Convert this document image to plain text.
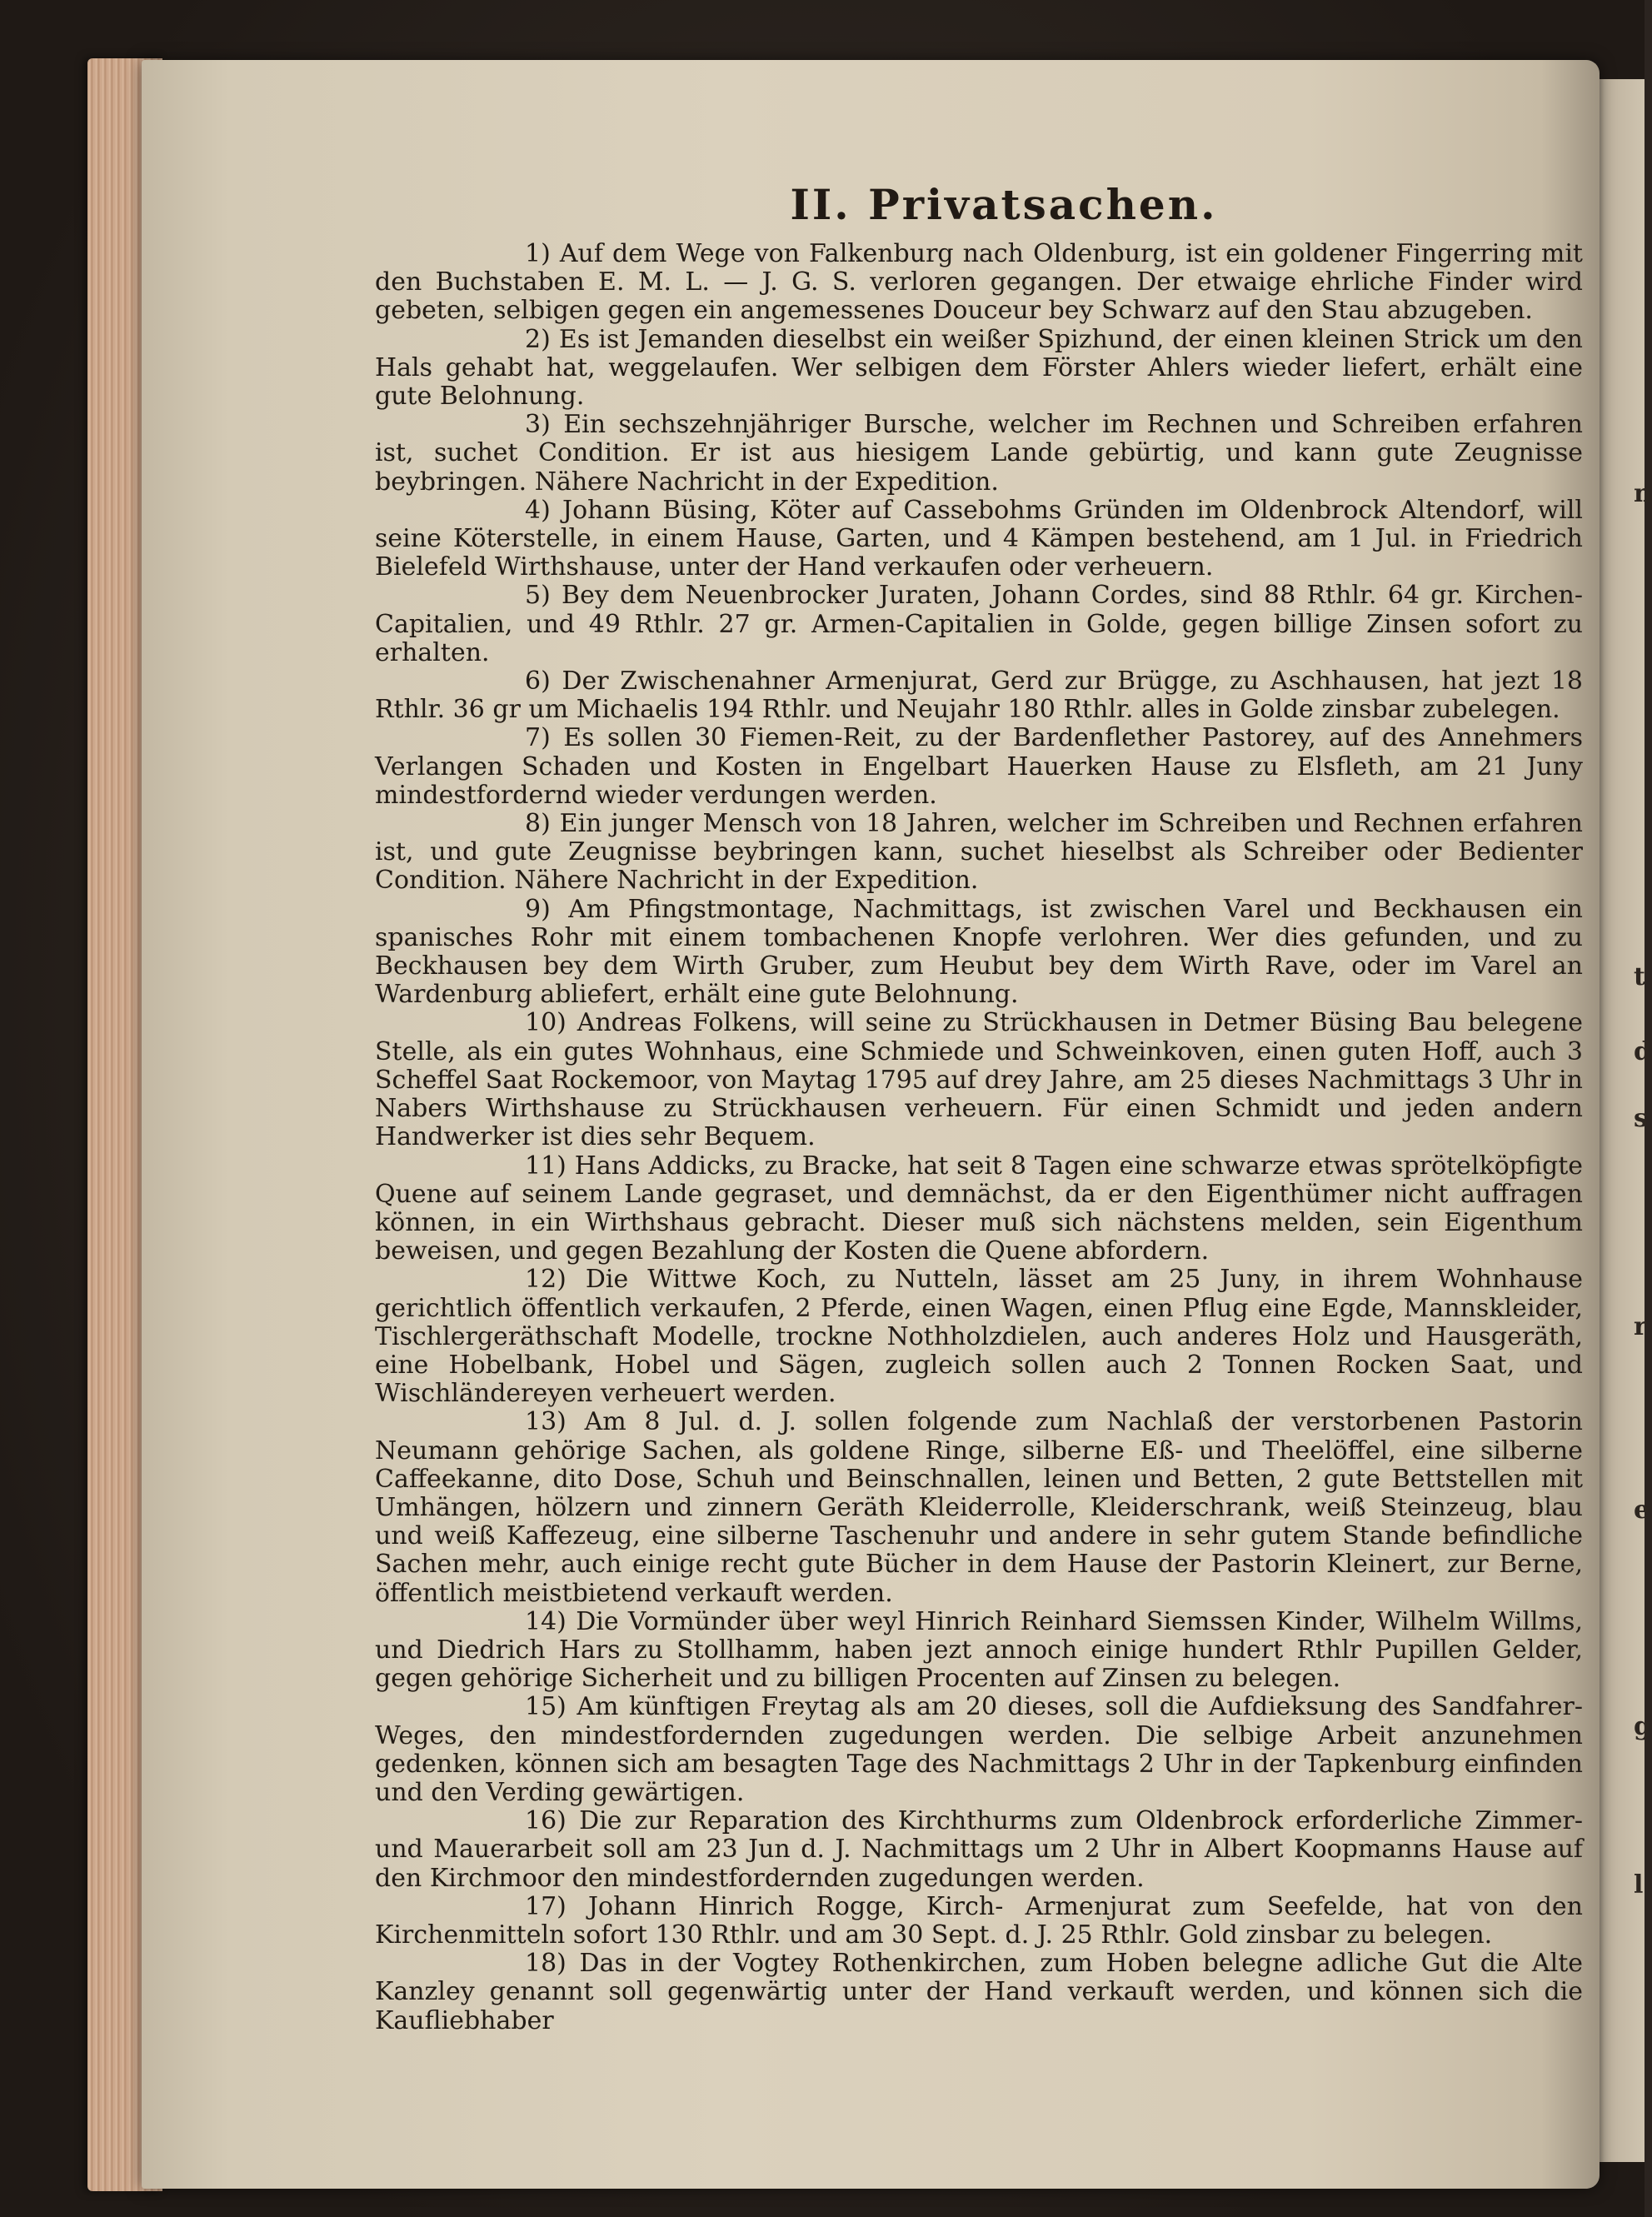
n
t
d
s
r
e
g
l
II. Privatsachen.

1) Auf dem Wege von Falkenburg nach Oldenburg, ist ein goldener Fingerring mit den Buchstaben E. M. L. — J. G. S. verloren gegangen. Der etwaige ehrliche Finder wird gebeten, selbigen gegen ein angemessenes Douceur bey Schwarz auf den Stau abzugeben.

2) Es ist Jemanden dieselbst ein weißer Spizhund, der einen kleinen Strick um den Hals gehabt hat, weggelaufen. Wer selbigen dem Förster Ahlers wieder liefert, erhält eine gute Belohnung.

3) Ein sechszehnjähriger Bursche, welcher im Rechnen und Schreiben erfahren ist, suchet Condition. Er ist aus hiesigem Lande gebürtig, und kann gute Zeugnisse beybringen. Nähere Nachricht in der Expedition.

4) Johann Büsing, Köter auf Cassebohms Gründen im Oldenbrock Altendorf, will seine Köterstelle, in einem Hause, Garten, und 4 Kämpen bestehend, am 1 Jul. in Friedrich Bielefeld Wirthshause, unter der Hand verkaufen oder verheuern.

5) Bey dem Neuenbrocker Juraten, Johann Cordes, sind 88 Rthlr. 64 gr. Kirchen-Capitalien, und 49 Rthlr. 27 gr. Armen-Capitalien in Golde, gegen billige Zinsen sofort zu erhalten.

6) Der Zwischenahner Armenjurat, Gerd zur Brügge, zu Aschhausen, hat jezt 18 Rthlr. 36 gr um Michaelis 194 Rthlr. und Neujahr 180 Rthlr. alles in Golde zinsbar zubelegen.

7) Es sollen 30 Fiemen-Reit, zu der Bardenflether Pastorey, auf des Annehmers Verlangen Schaden und Kosten in Engelbart Hauerken Hause zu Elsfleth, am 21 Juny mindestfordernd wieder verdungen werden.

8) Ein junger Mensch von 18 Jahren, welcher im Schreiben und Rechnen erfahren ist, und gute Zeugnisse beybringen kann, suchet hieselbst als Schreiber oder Bedienter Condition. Nähere Nachricht in der Expedition.

9) Am Pfingstmontage, Nachmittags, ist zwischen Varel und Beckhausen ein spanisches Rohr mit einem tombachenen Knopfe verlohren. Wer dies gefunden, und zu Beckhausen bey dem Wirth Gruber, zum Heubut bey dem Wirth Rave, oder im Varel an Wardenburg abliefert, erhält eine gute Belohnung.

10) Andreas Folkens, will seine zu Strückhausen in Detmer Büsing Bau belegene Stelle, als ein gutes Wohnhaus, eine Schmiede und Schweinkoven, einen guten Hoff, auch 3 Scheffel Saat Rockemoor, von Maytag 1795 auf drey Jahre, am 25 dieses Nachmittags 3 Uhr in Nabers Wirthshause zu Strückhausen verheuern. Für einen Schmidt und jeden andern Handwerker ist dies sehr Bequem.

11) Hans Addicks, zu Bracke, hat seit 8 Tagen eine schwarze etwas sprötelköpfigte Quene auf seinem Lande gegraset, und demnächst, da er den Eigenthümer nicht auffragen können, in ein Wirthshaus gebracht. Dieser muß sich nächstens melden, sein Eigenthum beweisen, und gegen Bezahlung der Kosten die Quene abfordern.

12) Die Wittwe Koch, zu Nutteln, lässet am 25 Juny, in ihrem Wohnhause gerichtlich öffentlich verkaufen, 2 Pferde, einen Wagen, einen Pflug eine Egde, Mannskleider, Tischlergeräthschaft Modelle, trockne Nothholzdielen, auch anderes Holz und Hausgeräth, eine Hobelbank, Hobel und Sägen, zugleich sollen auch 2 Tonnen Rocken Saat, und Wischländereyen verheuert werden.

13) Am 8 Jul. d. J. sollen folgende zum Nachlaß der verstorbenen Pastorin Neumann gehörige Sachen, als goldene Ringe, silberne Eß- und Theelöffel, eine silberne Caffeekanne, dito Dose, Schuh und Beinschnallen, leinen und Betten, 2 gute Bettstellen mit Umhängen, hölzern und zinnern Geräth Kleiderrolle, Kleiderschrank, weiß Steinzeug, blau und weiß Kaffezeug, eine silberne Taschenuhr und andere in sehr gutem Stande befindliche Sachen mehr, auch einige recht gute Bücher in dem Hause der Pastorin Kleinert, zur Berne, öffentlich meistbietend verkauft werden.

14) Die Vormünder über weyl Hinrich Reinhard Siemssen Kinder, Wilhelm Willms, und Diedrich Hars zu Stollhamm, haben jezt annoch einige hundert Rthlr Pupillen Gelder, gegen gehörige Sicherheit und zu billigen Procenten auf Zinsen zu belegen.

15) Am künftigen Freytag als am 20 dieses, soll die Aufdieksung des Sandfahrer-Weges, den mindestfordernden zugedungen werden. Die selbige Arbeit anzunehmen gedenken, können sich am besagten Tage des Nachmittags 2 Uhr in der Tapkenburg einfinden und den Verding gewärtigen.

16) Die zur Reparation des Kirchthurms zum Oldenbrock erforderliche Zimmer- und Mauerarbeit soll am 23 Jun d. J. Nachmittags um 2 Uhr in Albert Koopmanns Hause auf den Kirchmoor den mindestfordernden zugedungen werden.

17) Johann Hinrich Rogge, Kirch- Armenjurat zum Seefelde, hat von den Kirchenmitteln sofort 130 Rthlr. und am 30 Sept. d. J. 25 Rthlr. Gold zinsbar zu belegen.

18) Das in der Vogtey Rothenkirchen, zum Hoben belegne adliche Gut die Alte Kanzley genannt soll gegenwärtig unter der Hand verkauft werden, und können sich die Kaufliebhaber
